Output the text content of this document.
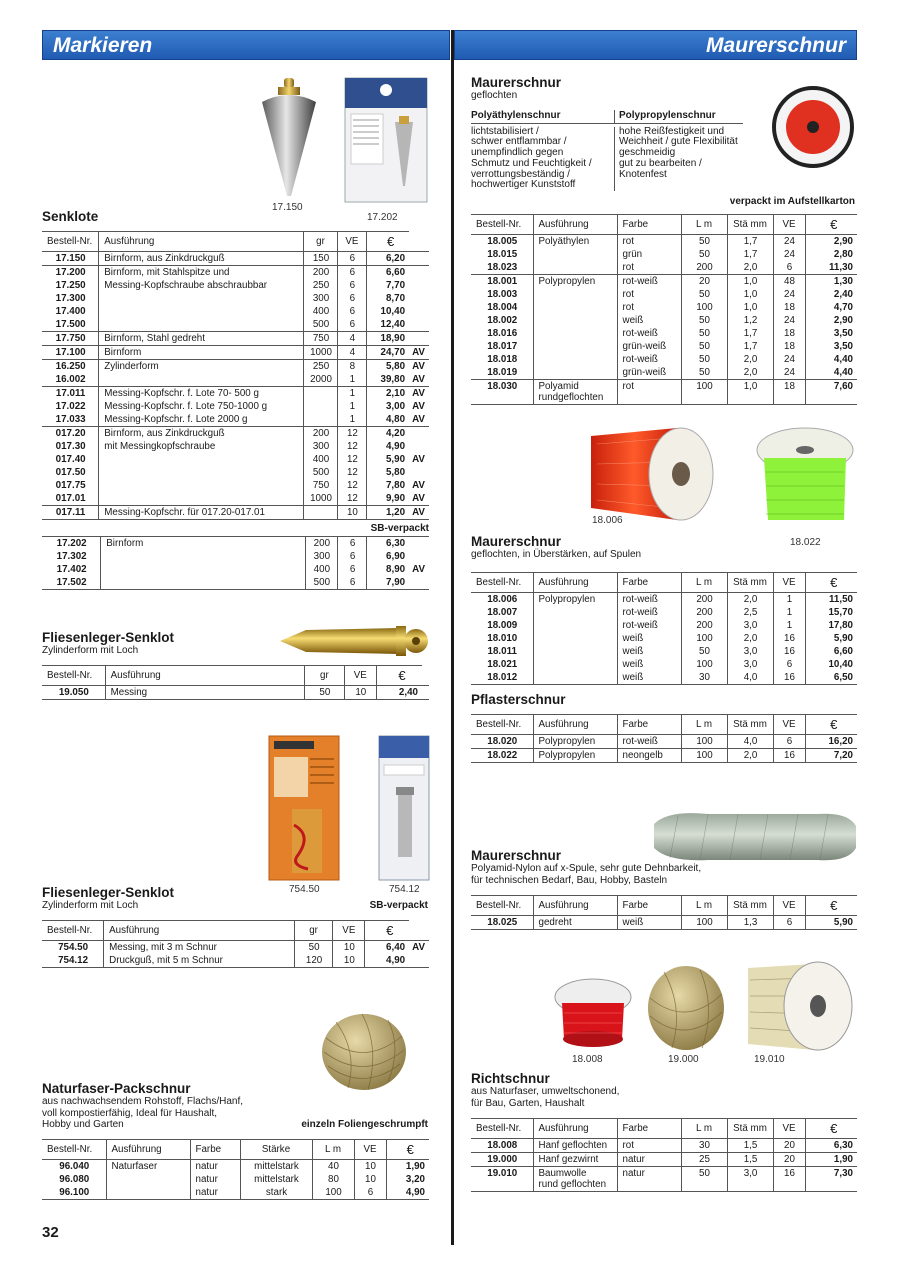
Markieren	Maurerschnur
17.150
17.202
Senklote
Bestell-Nr.	Ausführung	gr	VE	€	
17.150	Birnform, aus Zinkdruckguß	150	6	6,20	
17.200	Birnform, mit Stahlspitze und	200	6	6,60	
17.250	Messing-Kopfschraube abschraubbar	250	6	7,70	
17.300		300	6	8,70	
17.400		400	6	10,40	
17.500		500	6	12,40	
17.750	Birnform, Stahl gedreht	750	4	18,90	
17.100	Birnform	1000	4	24,70	AV
16.250	Zylinderform	250	8	5,80	AV
16.002		2000	1	39,80	AV
17.011	Messing-Kopfschr. f. Lote 70- 500 g		1	2,10	AV
17.022	Messing-Kopfschr. f. Lote 750-1000 g		1	3,00	AV
17.033	Messing-Kopfschr. f. Lote 2000 g		1	4,80	AV
017.20	Birnform, aus Zinkdruckguß	200	12	4,20	
017.30	mit Messingkopfschraube	300	12	4,90	
017.40		400	12	5,90	AV
017.50		500	12	5,80	
017.75		750	12	7,80	AV
017.01		1000	12	9,90	AV
017.11	Messing-Kopfschr. für 017.20-017.01		10	1,20	AV
SB-verpackt
17.202	Birnform	200	6	6,30	
17.302		300	6	6,90	
17.402		400	6	8,90	AV
17.502		500	6	7,90	
Fliesenleger-Senklot
Zylinderform mit Loch
Bestell-Nr.	Ausführung	gr	VE	€	
19.050	Messing	50	10	2,40	
754.50	754.12
Fliesenleger-Senklot
Zylinderform mit Loch	SB-verpackt
Bestell-Nr.	Ausführung	gr	VE	€	
754.50	Messing, mit 3 m Schnur	50	10	6,40	AV
754.12	Druckguß, mit 5 m Schnur	120	10	4,90	
Naturfaser-Packschnur
aus nachwachsendem Rohstoff, Flachs/Hanf,
voll kompostierfähig, Ideal für Haushalt,
Hobby und Garten	einzeln Foliengeschrumpft
Bestell-Nr.	Ausführung	Farbe	Stärke	L m	VE	€
96.040	Naturfaser	natur	mittelstark	40	10	1,90
96.080		natur	mittelstark	80	10	3,20
96.100		natur	stark	100	6	4,90
32
Maurerschnur
geflochten
Polyäthylenschnur	Polypropylenschnur
lichtstabilisiert /
schwer entflammbar /
unempfindlich gegen
Schmutz und Feuchtigkeit /
verrottungsbeständig /
hochwertiger Kunststoff
hohe Reißfestigkeit und
Weichheit / gute Flexibilität
geschmeidig
gut zu bearbeiten /
Knotenfest
verpackt im Aufstellkarton
Bestell-Nr.	Ausführung	Farbe	L m	Stä mm	VE	€
18.005	Polyäthylen	rot	50	1,7	24	2,90
18.015		grün	50	1,7	24	2,80
18.023		rot	200	2,0	6	11,30
18.001	Polypropylen	rot-weiß	20	1,0	48	1,30
18.003		rot	50	1,0	24	2,40
18.004		rot	100	1,0	18	4,70
18.002		weiß	50	1,2	24	2,90
18.016		rot-weiß	50	1,7	18	3,50
18.017		grün-weiß	50	1,7	18	3,50
18.018		rot-weiß	50	2,0	24	4,40
18.019		grün-weiß	50	2,0	24	4,40
18.030	Polyamid
rundgeflochten	rot	100	1,0	18	7,60
18.006
18.022
Maurerschnur
geflochten, in Überstärken, auf Spulen
Bestell-Nr.	Ausführung	Farbe	L m	Stä mm	VE	€
18.006	Polypropylen	rot-weiß	200	2,0	1	11,50
18.007		rot-weiß	200	2,5	1	15,70
18.009		rot-weiß	200	3,0	1	17,80
18.010		weiß	100	2,0	16	5,90
18.011		weiß	50	3,0	16	6,60
18.021		weiß	100	3,0	6	10,40
18.012		weiß	30	4,0	16	6,50
Pflasterschnur
Bestell-Nr.	Ausführung	Farbe	L m	Stä mm	VE	€
18.020	Polypropylen	rot-weiß	100	4,0	6	16,20
18.022	Polypropylen	neongelb	100	2,0	16	7,20
Maurerschnur
Polyamid-Nylon auf x-Spule, sehr gute Dehnbarkeit,
für technischen Bedarf, Bau, Hobby, Basteln
Bestell-Nr.	Ausführung	Farbe	L m	Stä mm	VE	€
18.025	gedreht	weiß	100	1,3	6	5,90
18.008	19.000	19.010
Richtschnur
aus Naturfaser, umweltschonend,
für Bau, Garten, Haushalt
Bestell-Nr.	Ausführung	Farbe	L m	Stä mm	VE	€
18.008	Hanf geflochten	rot	30	1,5	20	6,30
19.000	Hanf gezwirnt	natur	25	1,5	20	1,90
19.010	Baumwolle
rund geflochten	natur	50	3,0	16	7,30
